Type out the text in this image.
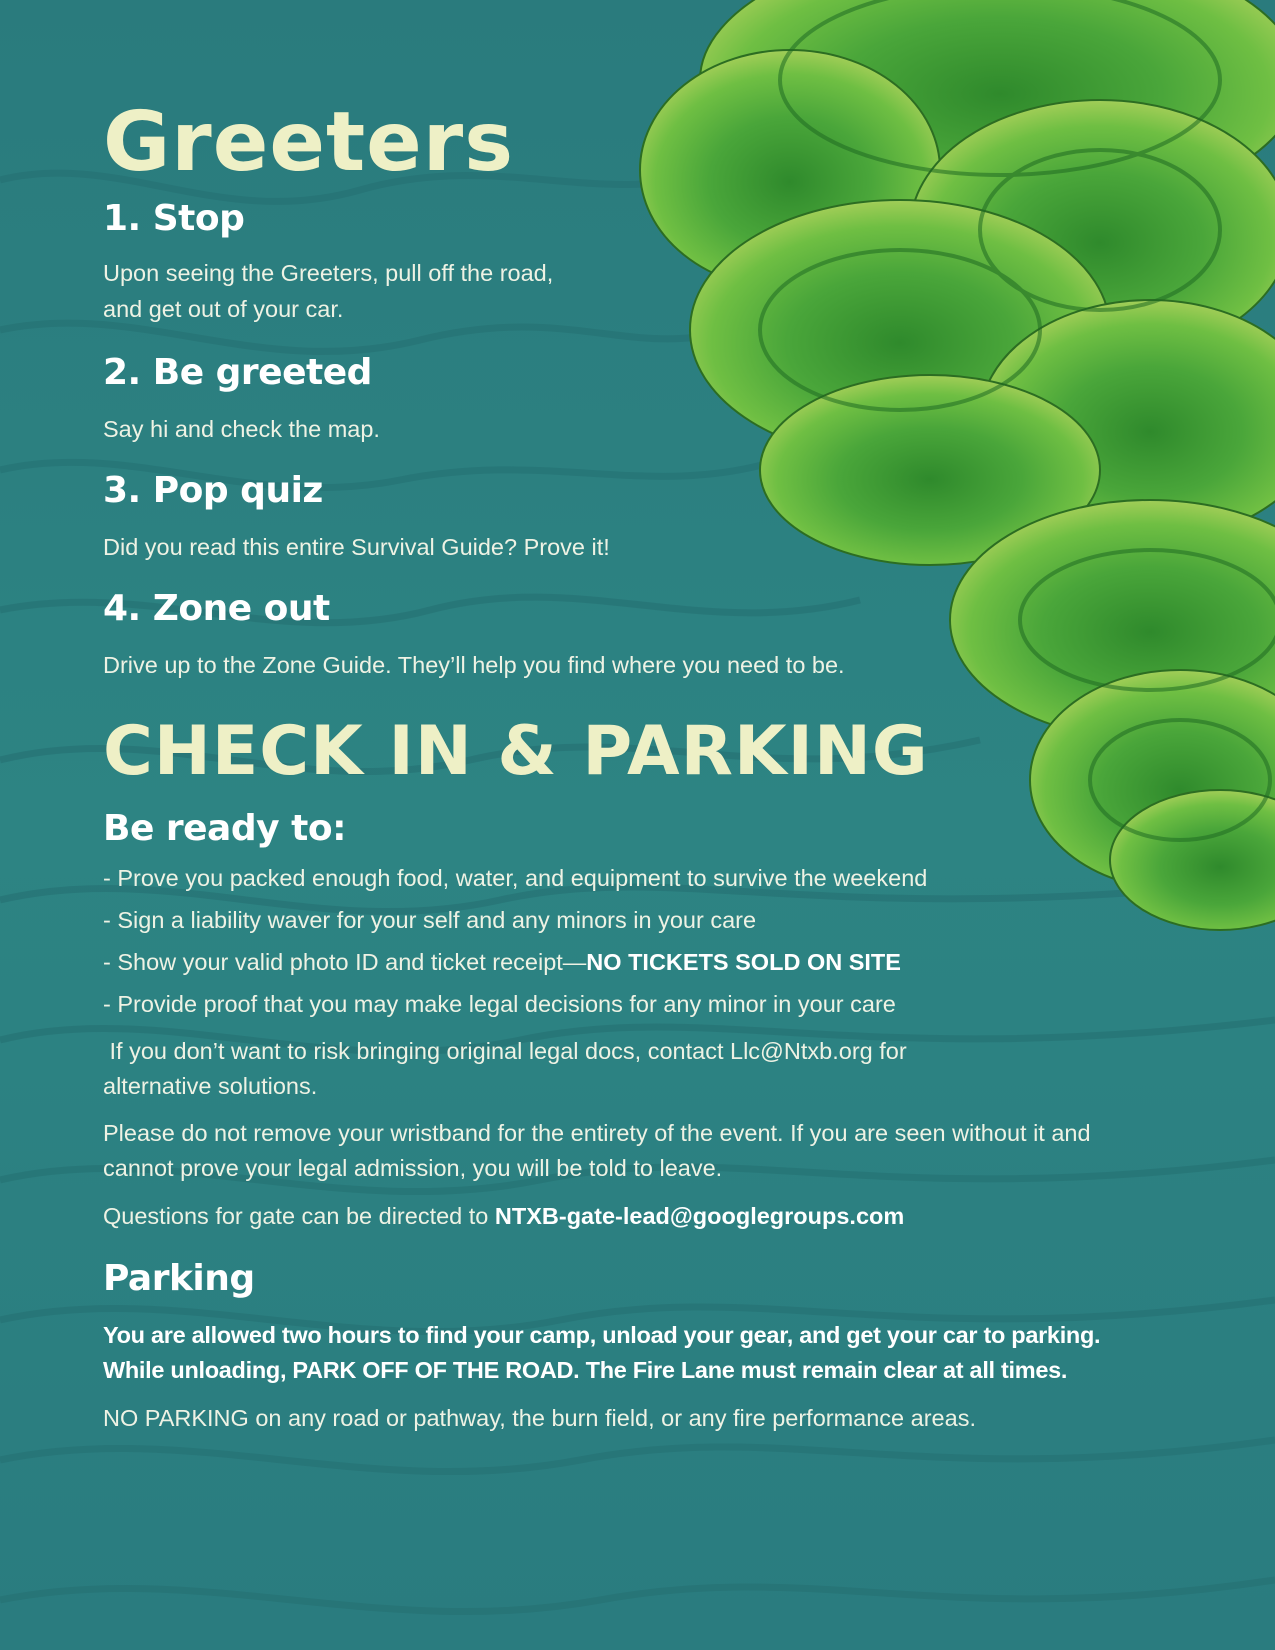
Greeters
1. Stop

Upon seeing the Greeters, pull off the road,

and get out of your car.

2. Be greeted

Say hi and check the map.

3. Pop quiz

Did you read this entire Survival Guide? Prove it!

4. Zone out

Drive up to the Zone Guide. They’ll help you find where you need to be.

CHECK IN & PARKING
Be ready to:

- Prove you packed enough food, water, and equipment to survive the weekend

- Sign a liability waver for your self and any minors in your care

- Show your valid photo ID and ticket receipt—NO TICKETS SOLD ON SITE

- Provide proof that you may make legal decisions for any minor in your care

If you don’t want to risk bringing original legal docs, contact Llc@Ntxb.org for

alternative solutions.

Please do not remove your wristband for the entirety of the event. If you are seen without it and

cannot prove your legal admission, you will be told to leave.

Questions for gate can be directed to NTXB-gate-lead@googlegroups.com

Parking

You are allowed two hours to find your camp, unload your gear, and get your car to parking.

While unloading, PARK OFF OF THE ROAD. The Fire Lane must remain clear at all times.

NO PARKING on any road or pathway, the burn field, or any fire performance areas.
